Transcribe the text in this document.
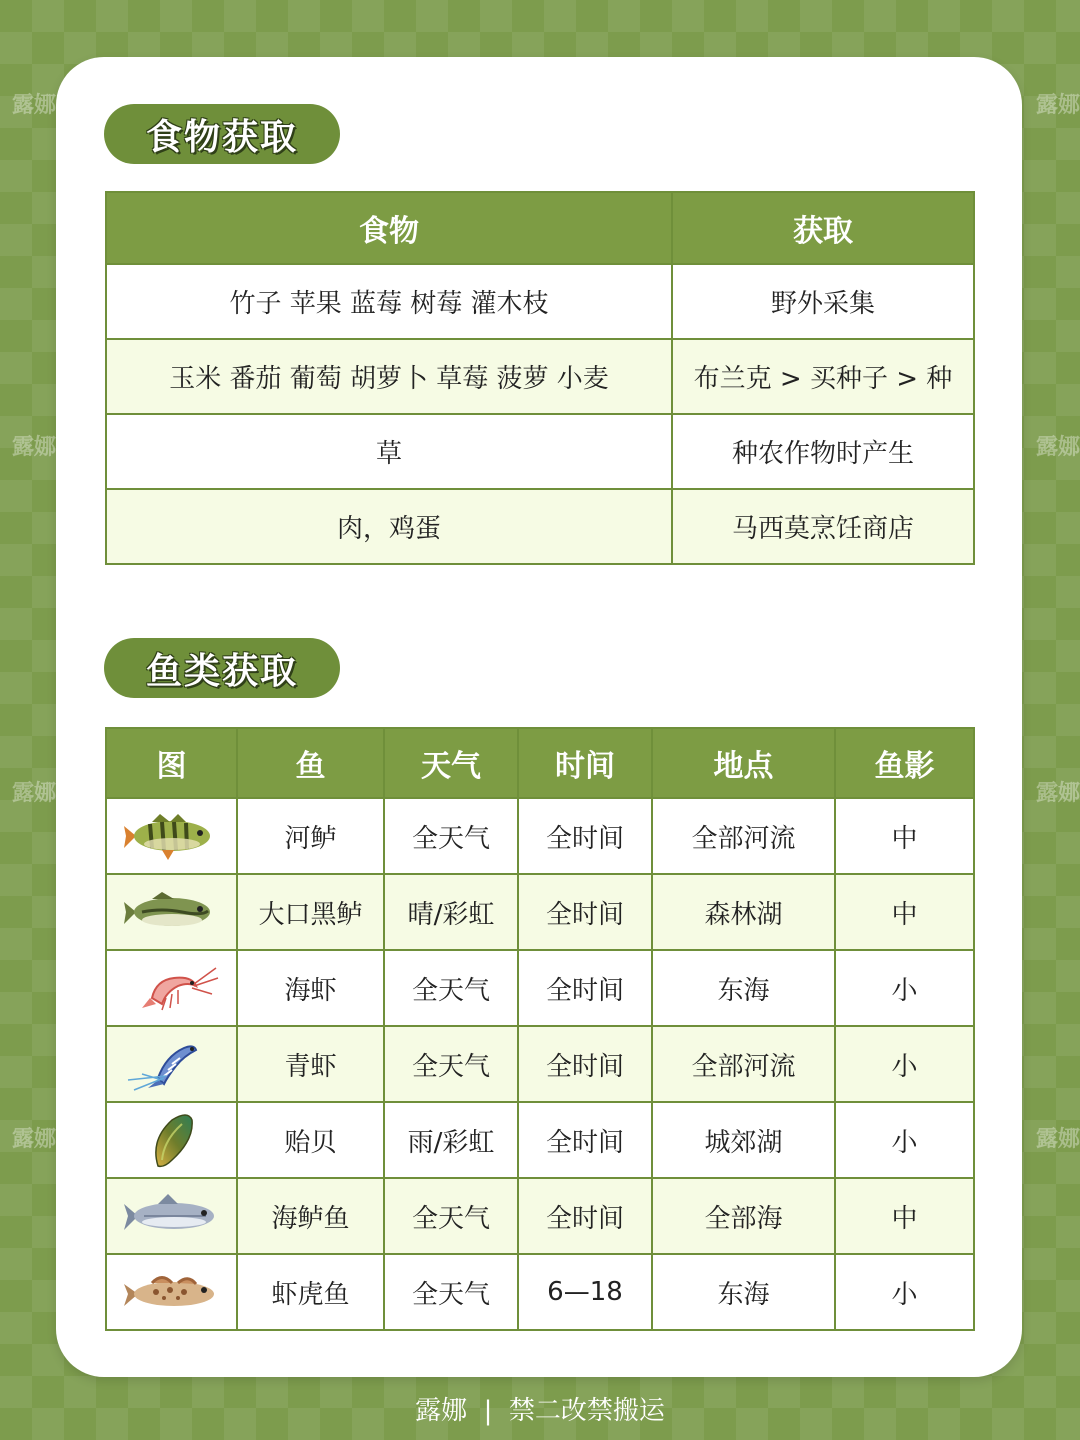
露娜	露娜
露娜	露娜
露娜	露娜
露娜	露娜
食物获取
食物	获取
竹子 苹果 蓝莓 树莓 灌木枝	野外采集
玉米 番茄 葡萄 胡萝卜 草莓 菠萝 小麦	布兰克 > 买种子 > 种
草	种农作物时产生
肉，鸡蛋	马西莫烹饪商店
鱼类获取
图	鱼	天气	时间	地点	鱼影

	河鲈	全天气	全时间	全部河流	中

	大口黑鲈	晴/彩虹	全时间	森林湖	中

	海虾	全天气	全时间	东海	小

	青虾	全天气	全时间	全部河流	小

	贻贝	雨/彩虹	全时间	城郊湖	小

	海鲈鱼	全天气	全时间	全部海	中

	虾虎鱼	全天气	6—18	东海	小
露娜  |  禁二改禁搬运
